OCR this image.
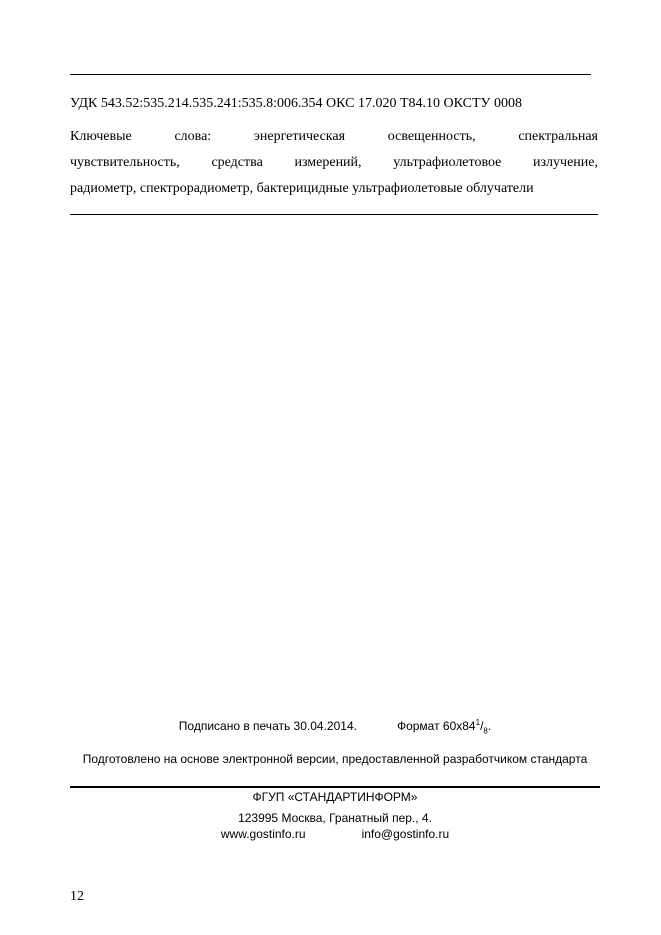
УДК 543.52:535.214.535.241:535.8:006.354 ОКС 17.020 Т84.10 ОКСТУ 0008
Ключевые слова: энергетическая освещенность, спектральная
чувствительность, средства измерений, ультрафиолетовое излучение,
радиометр, спектрорадиометр, бактерицидные ультрафиолетовые облучатели
Подписано в печать 30.04.2014.	Формат $60x84^1/_8$.
Подготовлено на основе электронной версии, предоставленной разработчиком стандарта
ФГУП «СТАНДАРТИНФОРМ»
123995 Москва, Гранатный пер., 4.
www.gostinfo.ru	info@gostinfo.ru
12
